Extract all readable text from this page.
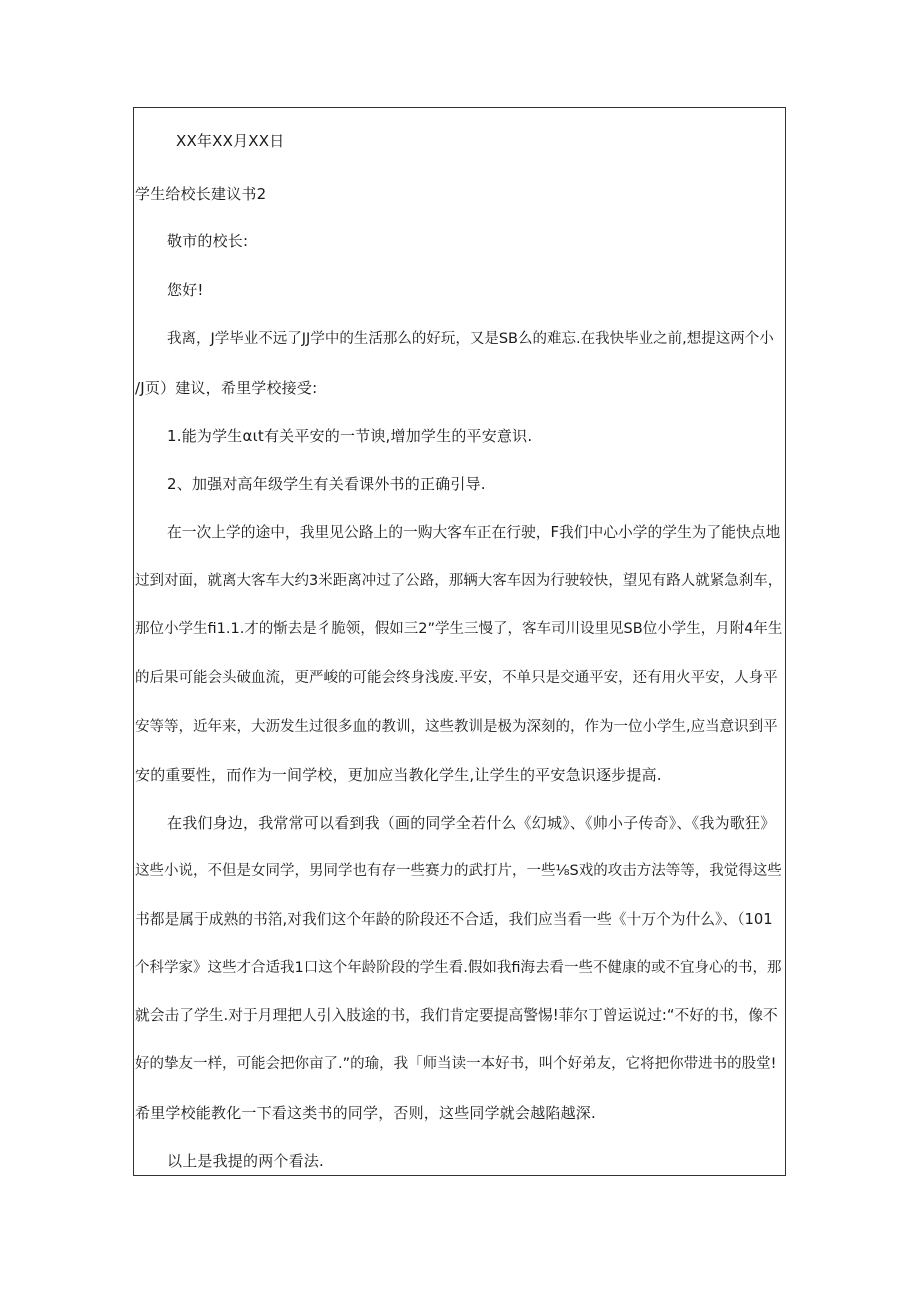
XX年XX月XX日
学生给校长建议书2
敬市的校长:
您好!
我离，J学毕业不远了JJ学中的生活那么的好玩，又是SB么的难忘.在我快毕业之前,想提这两个小
/J页）建议，希里学校接受:
1.能为学生αιt有关平安的一节谀,增加学生的平安意识.
2、加强对高年级学生有关看课外书的正确引导.
在一次上学的途中，我里见公路上的一购大客车正在行驶，F我们中心小学的学生为了能快点地
过到对面，就离大客车大约3米距离冲过了公路，那辆大客车因为行驶较快，望见有路人就紧急刹车，
那位小学生fi1.1.才的惭去是彳脆领，假如三2”学生三慢了，客车司川设里见SB位小学生，月附4年生
的后果可能会头破血流，更严峻的可能会终身浅废.平安，不单只是交通平安，还有用火平安，人身平
安等等，近年来，大沥发生过很多血的教训，这些教训是极为深刻的，作为一位小学生,应当意识到平
安的重要性，而作为一间学校，更加应当教化学生,让学生的平安急识逐步提高.
在我们身边，我常常可以看到我（画的同学全若什么《幻城》、《帅小子传奇》、《我为歌狂》
这些小说，不但是女同学，男同学也有存一些赛力的武打片，一些⅛S戏的攻击方法等等，我觉得这些
书都是属于成熟的书箔,对我们这个年龄的阶段还不合适，我们应当看一些《十万个为什么》、（101
个科学家》这些才合适我1口这个年龄阶段的学生看.假如我fi海去看一些不健康的或不宜身心的书，那
就会击了学生.对于月理把人引入肢途的书，我们肯定要提高警惕!菲尔丁曾运说过:“不好的书，像不
好的挚友一样，可能会把你亩了.”的瑜，我「师当读一本好书，叫个好弟友，它将把你带进书的股堂!
希里学校能教化一下看这类书的同学，否则，这些同学就会越陷越深.
以上是我提的两个看法.
